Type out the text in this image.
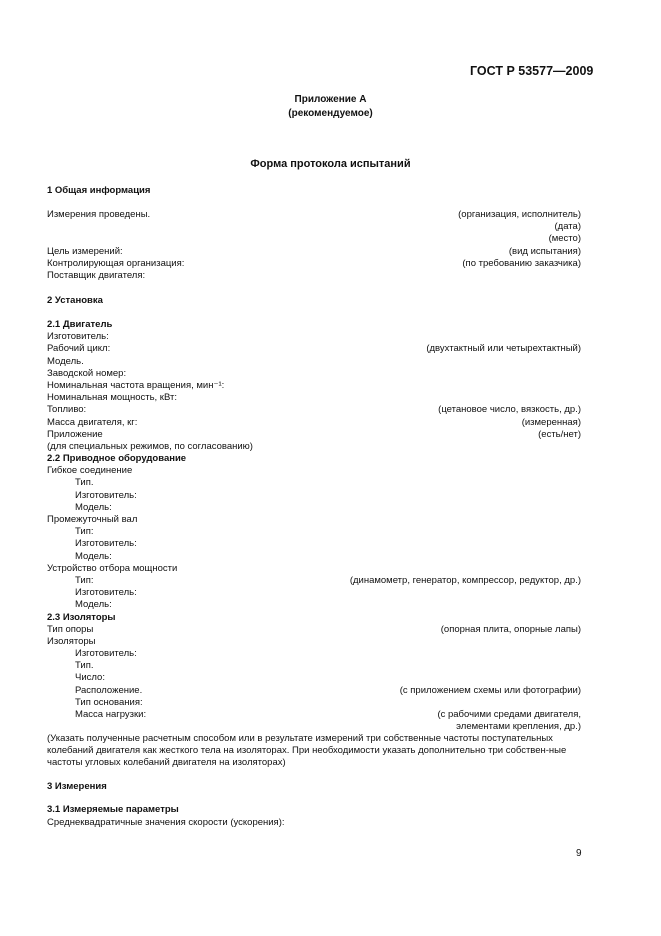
ГОСТ Р 53577—2009
Приложение А
(рекомендуемое)
Форма протокола испытаний
1 Общая информация
Измерения проведены.	(организация, исполнитель)
(дата)
(место)
Цель измерений:	(вид испытания)
Контролирующая организация:	(по требованию заказчика)
Поставщик двигателя:
2 Установка
2.1 Двигатель
Изготовитель:
Рабочий цикл:	(двухтактный или четырехтактный)
Модель.
Заводской номер:
Номинальная частота вращения, мин⁻¹:
Номинальная мощность, кВт:
Топливо:	(цетановое число, вязкость, др.)
Масса двигателя, кг:	(измеренная)
Приложение	(есть/нет)
(для специальных режимов, по согласованию)
2.2 Приводное оборудование
Гибкое соединение
Тип.
Изготовитель:
Модель:
Промежуточный вал
Тип:
Изготовитель:
Модель:
Устройство отбора мощности
Тип:	(динамометр, генератор, компрессор, редуктор, др.)
Изготовитель:
Модель:
2.3 Изоляторы
Тип опоры	(опорная плита, опорные лапы)
Изоляторы
Изготовитель:
Тип.
Число:
Расположение.	(с приложением схемы или фотографии)
Тип основания:
Масса нагрузки:	(с рабочими средами двигателя,
элементами крепления, др.)
(Указать полученные расчетным способом или в результате измерений три собственные частоты поступательных колебаний двигателя как жесткого тела на изоляторах. При необходимости указать дополнительно три собствен-ные частоты угловых колебаний двигателя на изоляторах)
3 Измерения
3.1 Измеряемые параметры
Среднеквадратичные значения скорости (ускорения):
9
